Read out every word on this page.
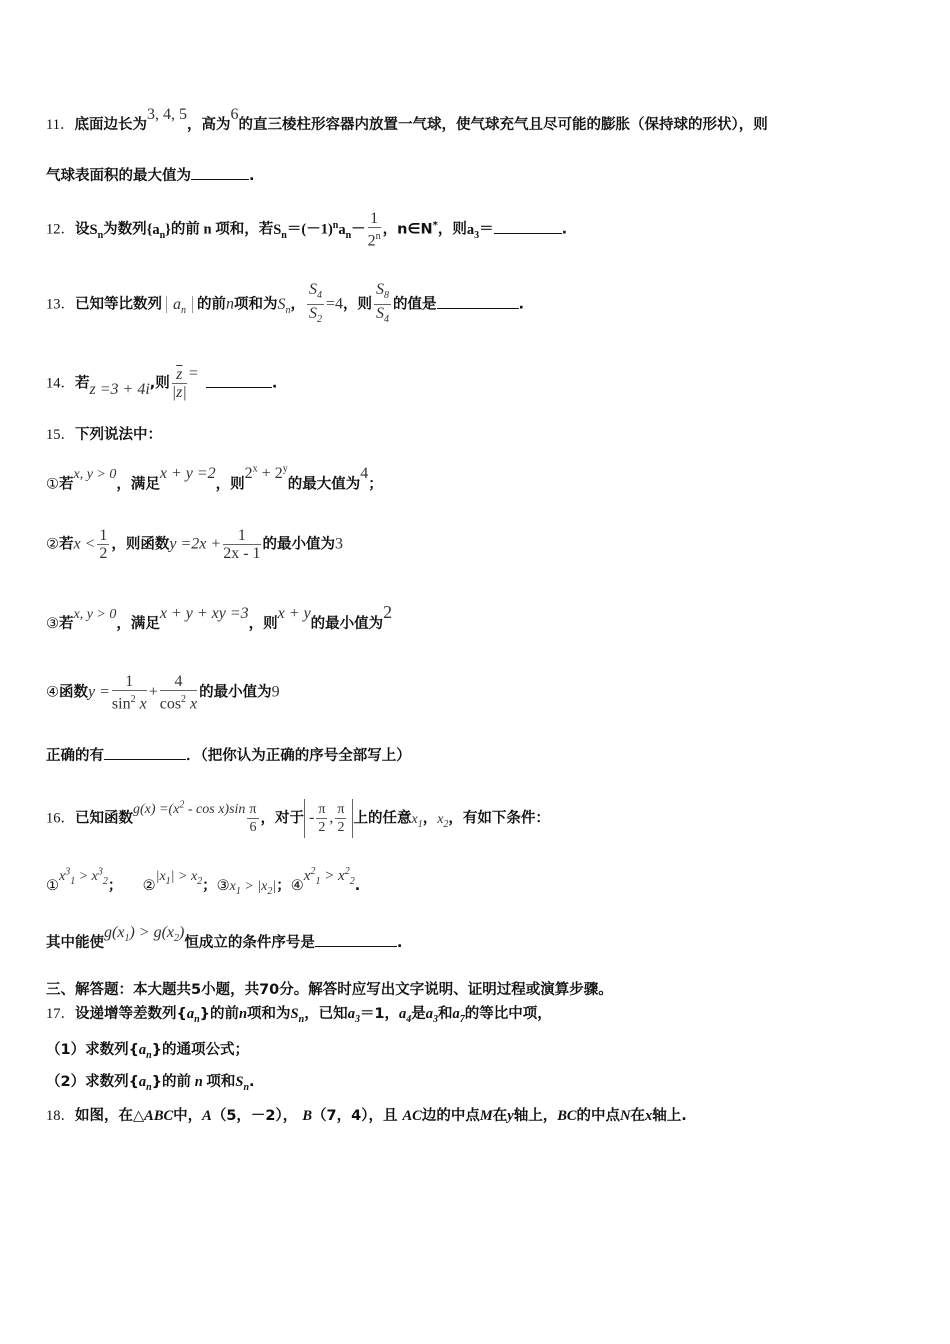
11．底面边长为3, 4, 5，高为6的直三棱柱形容器内放置一气球，使气球充气且尽可能的膨胀（保持球的形状），则
气球表面积的最大值为	.
12．设$S_n$为数列$\{a_n\}$的前 n 项和，若$S_n=(-1)^na_n- \frac{1}{2^n}$ ，n∈N*，则$a_3=$	.
13．已知等比数列 $a_n$ 的前n项和为$S_n$， $\frac{S_4}{S_2} =4$，则 $\frac{S_8}{S_4}$ 的值是	.
14．若z =3 + 4i,则 $\frac{\overline{z}}{|z|}$ =.
15．下列说法中：
①若x, y > 0，满足x + y =2，则$2^x + 2^y$的最大值为4；
②若$x < \frac{1}{2}$ ，则函数$y =2x + \frac{1}{2x - 1}$ 的最小值为3
③若x, y > 0，满足x + y + xy =3，则x + y的最小值为2
④函数$y = \frac{1}{\sin^2 x} + \frac{4}{\cos^2 x}$ 的最小值为9
正确的有	．（把你认为正确的序号全部写上）
16．已知函数$g(x) =(x^2 - \cos x)\sin \frac{\pi}{6}$ ，对于 - $\frac{\pi}{2}$ , $\frac{\pi}{2}$ 上的任意$x_1$，$x_2$，有如下条件：
$①x^3_1 > x^3_2$； $②|x_1| > x_2$；$③x_1 > |x_2|$；$④x^2_1 > x^2_2$.
其中能使$g(x_1) > g(x_2)$恒成立的条件序号是	.
三、解答题：本大题共5小题，共70分。解答时应写出文字说明、证明过程或演算步骤。
17．设递增等差数列$\{a_n\}$的前n项和为$S_n$，已知$a_3=1$，$a_4$是$a_3$和$a_7$的等比中项，
（1）求数列$\{a_n\}$的通项公式；
（2）求数列$\{a_n\}$的前 n 项和$S_n$.
18．如图，在△ABC中，A（5，－2）， B（7，4），且 AC边的中点M在y轴上，BC的中点N在x轴上.
